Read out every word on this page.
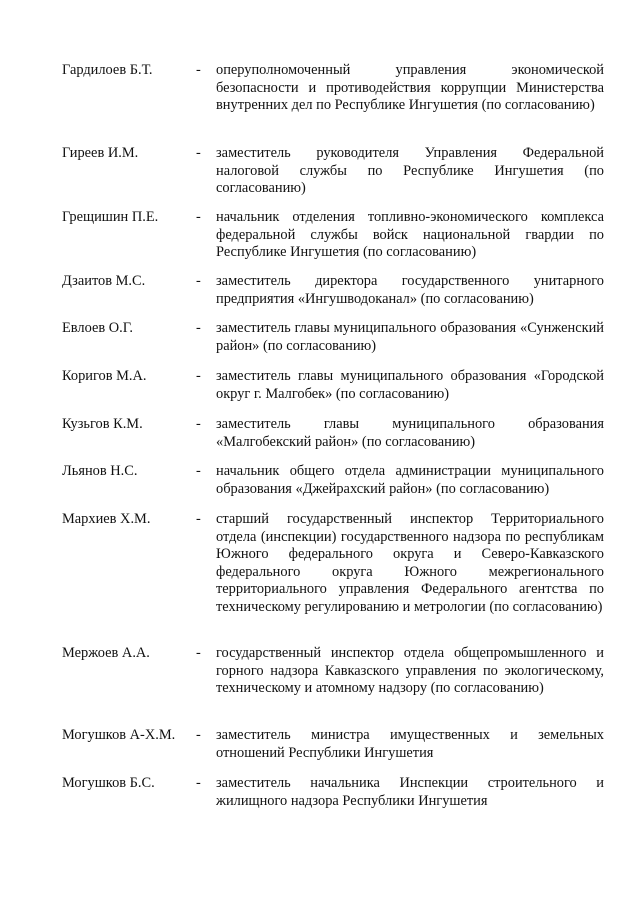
Гардилоев Б.Т.	- оперуполномоченный управления экономической безопасности и противодействия коррупции Министерства внутренних дел по Республике Ингушетия (по согласованию)
Гиреев И.М.	- заместитель руководителя Управления Федеральной налоговой службы по Республике Ингушетия (по согласованию)
Грещишин П.Е.	- начальник отделения топливно-экономического комплекса федеральной службы войск национальной гвардии по Республике Ингушетия (по согласованию)
Дзаитов М.С.	- заместитель директора государственного унитарного предприятия «Ингушводоканал» (по согласованию)
Евлоев О.Г.	- заместитель главы муниципального образования «Сунженский район» (по согласованию)
Коригов М.А.	- заместитель главы муниципального образования «Городской округ г. Малгобек» (по согласованию)
Кузьгов К.М.	- заместитель главы муниципального образования «Малгобекский район» (по согласованию)
Льянов Н.С.	- начальник общего отдела администрации муниципального образования «Джейрахский район» (по согласованию)
Мархиев Х.М.	- старший государственный инспектор Территориального отдела (инспекции) государственного надзора по республикам Южного федерального округа и Северо-Кавказского федерального округа Южного межрегионального территориального управления Федерального агентства по техническому регулированию и метрологии (по согласованию)
Мержоев А.А.	- государственный инспектор отдела общепромышленного и горного надзора Кавказского управления по экологическому, техническому и атомному надзору (по согласованию)
Могушков А-Х.М. - заместитель министра имущественных и земельных отношений Республики Ингушетия
Могушков Б.С.	- заместитель начальника Инспекции строительного и жилищного надзора Республики Ингушетия
